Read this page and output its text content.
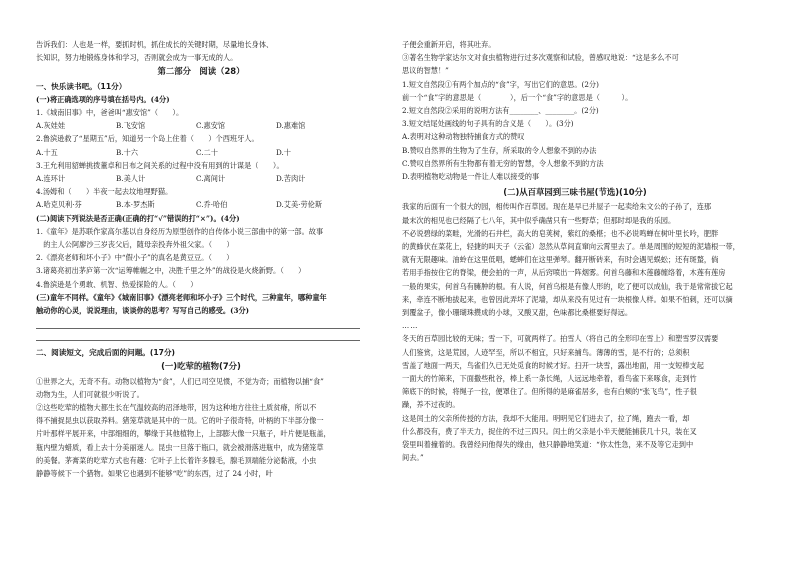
告诉我们：人也是一样，要抓时机，抓住成长的关键时期，尽量地长身体、
长知识，努力地锻炼身体和学习，否则就会成为一事无成的人。
第二部分　阅读（28）
一、快乐读书吧。（11分）
(一)将正确选项的序号填在括号内。(4分)
1.《城南旧事》中，爸爸叫“惠安馆”（　　）。
A.灰娃娃	B.飞安馆	C.惠安馆	D.惠难馆
2.鲁滨逊救了“星期五”后，知道另一个岛上住着（　　）个西班牙人。
A.十五	B.十六	C.二十	D.十
3.王允利用貂蝉挑拨董卓和吕布之间关系的过程中没有用到的计谋是（　　）。
A.连环计	B.美人计	C.离间计	D.苦肉计
4.汤姆和（　　）半夜一起去坟地埋野猫。
A.哈克贝利·芬	B.本·罗杰斯	C.乔·哈伯	D.艾美·劳伦斯
(二)阅读下列说法是否正确(正确的打“√”错误的打“×”)。(4分)
1.《童年》是苏联作家高尔基以自身经历为原型创作的自传体小说三部曲中的第一部。故事
　的主人公阿廖沙三岁丧父后，随母亲投奔外祖父家。（　　）
2.《漂亮老师和坏小子》中“假小子”的真名是黄豆豆。（　　）
3.诸葛亮初出茅庐第一次“运筹帷幄之中，决胜千里之外”的战役是火烧新野。（　　）
4.鲁滨逊是个勇敢、机智、热爱探险的人。（　　）
(三)童年不同样。《童年》《城南旧事》《漂亮老师和坏小子》三个时代，三种童年，哪种童年
触动你的心灵，说说理由，谈谈你的思考？写写自己的感受。(3分)
二、阅读短文，完成后面的问题。(17分)
(一)吃荤的植物(7分)
①世界之大，无奇不有。动物以植物为“食”，人们已司空见惯，不觉为奇；而植物以捕“食”
动物为生，人们可就很少听说了。
②这些吃荤的植物大都生长在气温较高的沼泽地带，因为这种地方往往土质贫瘠，所以不
得不捕捉昆虫以获取养料。猪笼草就是其中的一员。它的叶子很奇特，叶柄的下半部分像一
片叶那样平展开来，中部细细的，攀缘于其他植物上，上部膨大像一只瓶子，叶片便是瓶盖，
瓶内壁为蜡质，看上去十分美丽迷人。昆虫一旦落于瓶口，就会被滑落进瓶中，成为猪笼草
的美餐。茅膏菜的吃荤方式也有趣：它叶子上长着许多腺毛，腺毛顶端能分泌黏液，小虫
静静等候下一个猎物。如果它也遇到不能够“吃”的东西，过了 24 小时，叶
子便会重新开启，将其吐弃。
③著名生物学家达尔文对食虫植物进行过多次观察和试验，曾感叹地说：“这是多么不可
思议的智慧！”
1.短文自然段①有两个加点的“食”字，写出它们的意思。(2分)
前一个“食”字的意思是（　　　　），后一个“食”字的意思是（　　　）。
2.短文自然段②采用的说明方法有________、________。(2分)
3.短文结尾处画线的句子具有的含义是（　　）。(3分)
A.表明对这种动物独特捕食方式的赞叹
B.赞叹自然界的生物为了生存，所采取的令人想象不到的办法
C.赞叹自然界所有生物都有着无穷的智慧，令人想象不到的方法
D.表明植物吃动物是一件让人难以接受的事
(二)从百草园到三味书屋(节选)(10分)
我家的后面有一个很大的园，相传叫作百草园。现在是早已并屋子一起卖给朱文公的子孙了，连那
最末次的相见也已经隔了七八年，其中似乎确凿只有一些野草；但那时却是我的乐园。
不必说碧绿的菜畦，光滑的石井栏，高大的皂荚树，紫红的桑椹；也不必说鸣蝉在树叶里长吟，肥胖
的黄蜂伏在菜花上，轻捷的叫天子（云雀）忽然从草间直窜向云霄里去了。单是周围的短短的泥墙根一带，
就有无限趣味。油蛉在这里低唱，蟋蟀们在这里弹琴。翻开断砖来，有时会遇见蜈蚣；还有斑蝥，倘
若用手指按住它的脊梁，便会拍的一声，从后窍喷出一阵烟雾。何首乌藤和木莲藤缠络着，木莲有莲房
一般的果实，何首乌有臃肿的根。有人说，何首乌根是有像人形的，吃了便可以成仙，我于是常常拔它起
来，牵连不断地拔起来，也曾因此弄坏了泥墙，却从来没有见过有一块根像人样。如果不怕刺，还可以摘
到覆盆子，像小珊瑚珠攒成的小球，又酸又甜，色味都比桑椹要好得远。
……
冬天的百草园比较的无味；雪一下，可就两样了。拍雪人（将自己的全形印在雪上）和塑雪罗汉需要
人们鉴赏，这是荒园，人迹罕至，所以不相宜，只好来捕鸟。薄薄的雪，是不行的；总须积
雪盖了地面一两天，鸟雀们久已无处觅食的时候才好。扫开一块雪，露出地面，用一支短棒支起
一面大的竹筛来，下面撒些秕谷，棒上系一条长绳，人远远地牵着，看鸟雀下来啄食，走到竹
筛底下的时候，将绳子一拉，便罩住了。但所得的是麻雀居多，也有白颊的“张飞鸟”，性子很
躁，养不过夜的。
这是闰土的父亲所传授的方法，我却不大能用。明明见它们进去了，拉了绳，跑去一看，却
什么都没有，费了半天力，捉住的不过三四只。闰土的父亲是小半天便能捕获几十只，装在叉
袋里叫着撞着的。我曾经问他得失的缘由，他只静静地笑道：“你太性急，来不及等它走到中
间去。”
